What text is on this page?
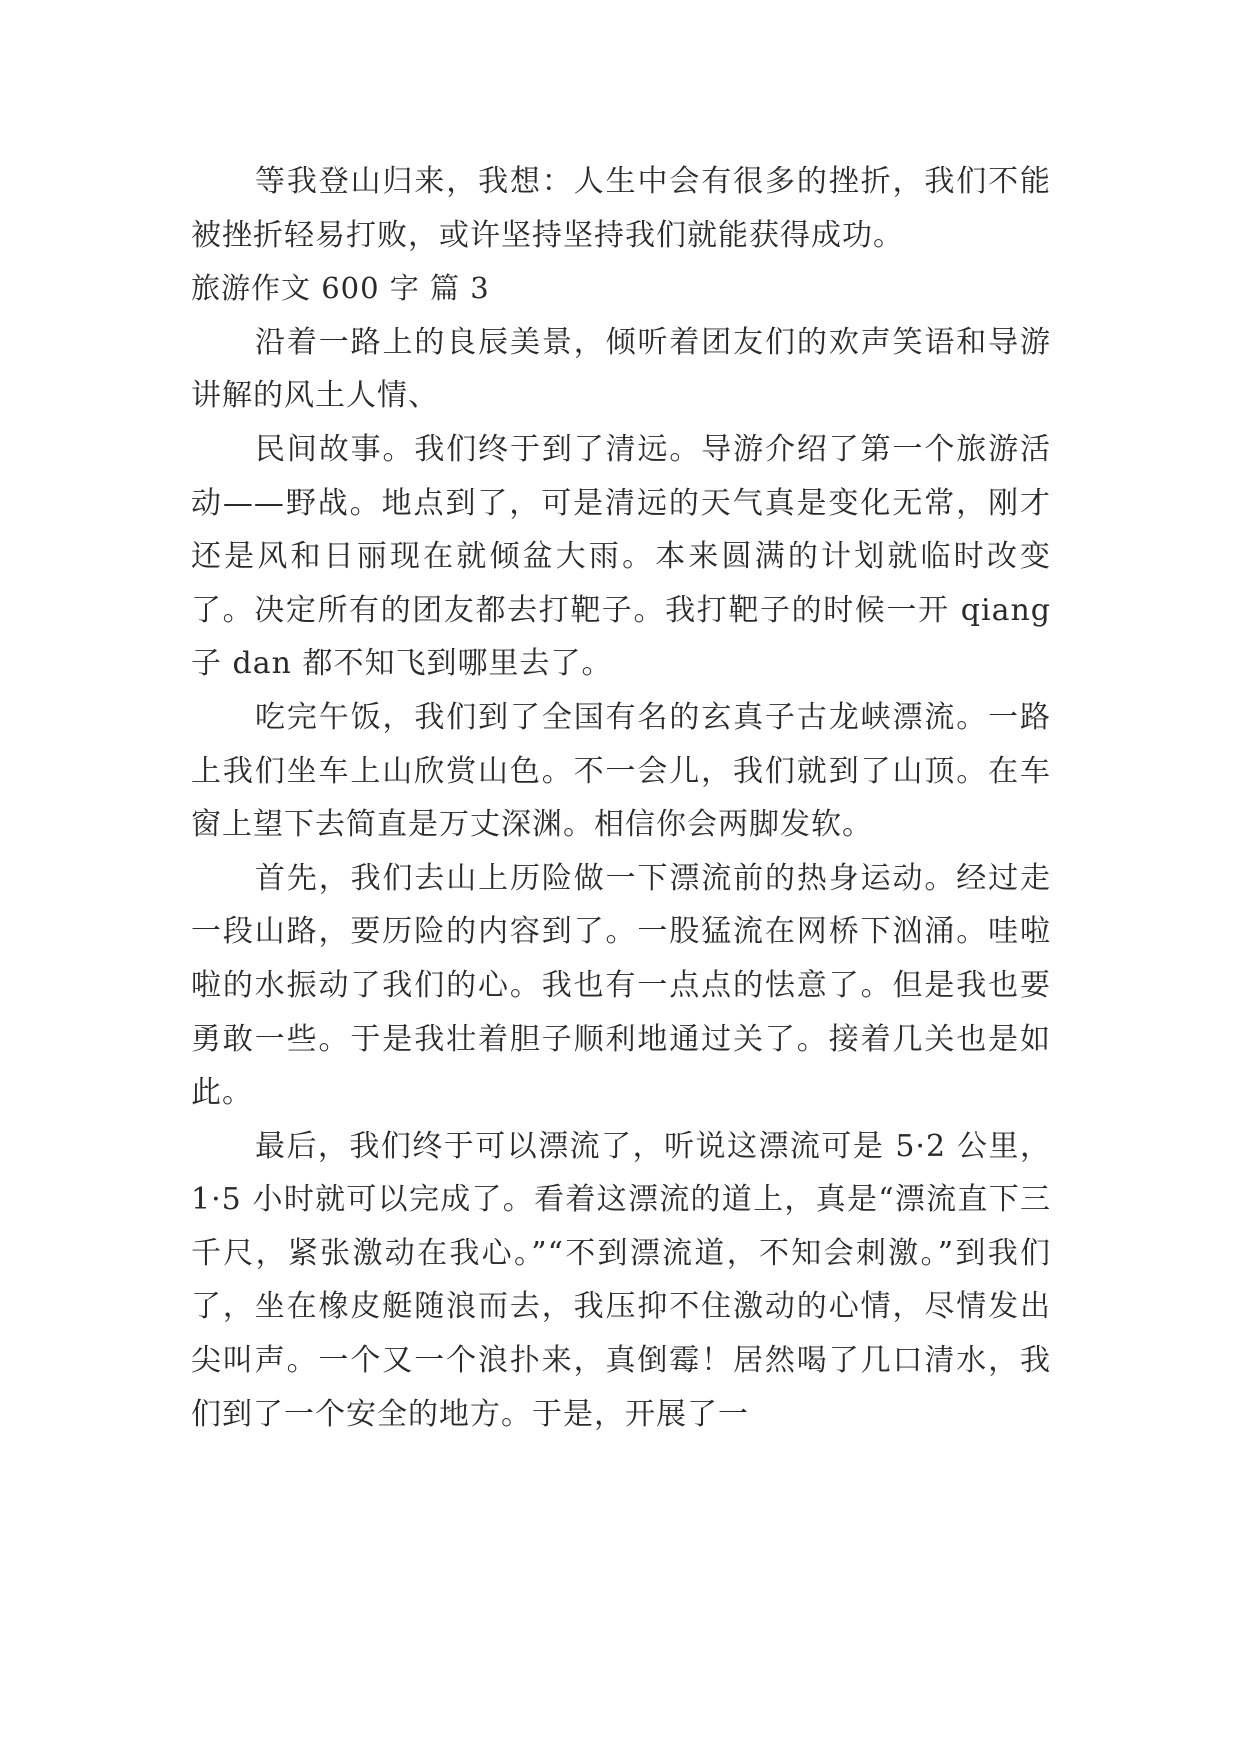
等我登山归来，我想：人生中会有很多的挫折，我们不能被挫折轻易打败，或许坚持坚持我们就能获得成功。

旅游作文 600 字 篇 3

沿着一路上的良辰美景，倾听着团友们的欢声笑语和导游讲解的风土人情、

民间故事。我们终于到了清远。导游介绍了第一个旅游活动——野战。地点到了，可是清远的天气真是变化无常，刚才还是风和日丽现在就倾盆大雨。本来圆满的计划就临时改变了。决定所有的团友都去打靶子。我打靶子的时候一开 qiang 子 dan 都不知飞到哪里去了。

吃完午饭，我们到了全国有名的玄真子古龙峡漂流。一路上我们坐车上山欣赏山色。不一会儿，我们就到了山顶。在车窗上望下去简直是万丈深渊。相信你会两脚发软。

首先，我们去山上历险做一下漂流前的热身运动。经过走一段山路，要历险的内容到了。一股猛流在网桥下汹涌。哇啦啦的水振动了我们的心。我也有一点点的怯意了。但是我也要勇敢一些。于是我壮着胆子顺利地通过关了。接着几关也是如此。

最后，我们终于可以漂流了，听说这漂流可是 5·2 公里，1·5 小时就可以完成了。看着这漂流的道上，真是“漂流直下三千尺，紧张激动在我心。”“不到漂流道，不知会刺激。”到我们了，坐在橡皮艇随浪而去，我压抑不住激动的心情，尽情发出尖叫声。一个又一个浪扑来，真倒霉！居然喝了几口清水，我们到了一个安全的地方。于是，开展了一
